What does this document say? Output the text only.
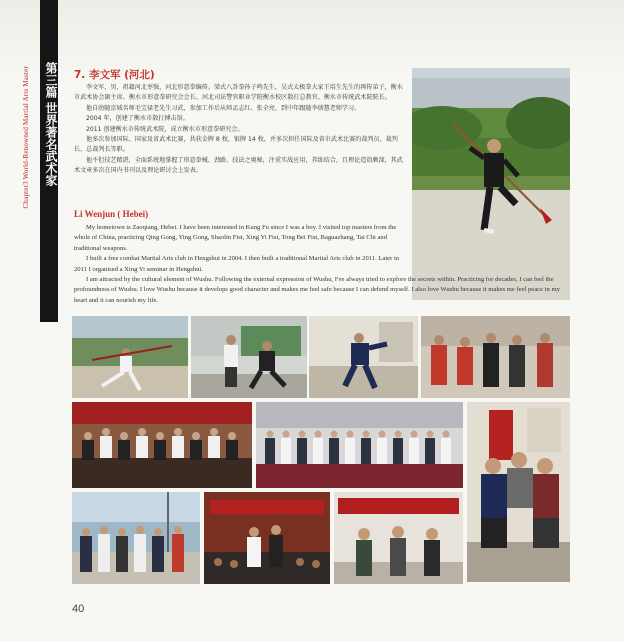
第三篇 世界著名武术家
Chapter3 World-Renowned Martial Arts Master	7. 李文军 (河北)

李文军，男，祖籍河北枣强，河北形意拳编传。梁式八卦拳孙子鸣先生，吴式太极拳大家王培生先生的再传弟子，衡水市武术协会副主席、衡水市形意拳研究会会长、河北司法警官职业学院衡水校区散打总教官、衡水市传统武术院院长。

他自幼随京城名师毛宝禄老先生习武，参加工作后从师孟志红、张全亮，到中年跟随李炳慧老师学习。

2004 年，创建了衡水市散打搏击馆。

2011 创建衡水市传统武术院，成立衡水市形意拳研究会。

他多次参加国际、国家及省武术比赛，共获金牌 8 枚，银牌 14 枚，并多次担任国际及省市武术比赛的裁判员、裁判长、总裁判长等职。

他不但技艺精湛，全面系统地掌握了形意拳械、劲路、技法之奥秘，注重实战应用，养练结合，且理论造诣颇深，其武术文章多次在国内书刊以及理论研讨会上发表。

Li Wenjun ( Hebei)

My hometown is Zaoqiang, Hebei. I have been interested in Kung Fu since I was a boy. I visited top masters from the whole of China, practicing Qing Gong, Ying Gong, Shaolin Fist, Xing Yi Fist, Tong Bei Fist, Baguazhang, Tai Chi and traditional weapons.

I built a free combat Martial Arts club in Hengshui in 2004. I then built a traditional Martial Arts club in 2011. Later in 2011 I organised a Xing Yi seminar in Hengshui.

I am attracted by the cultural element of Wushu. Following the external expression of Wushu, I've always tried to explore the secrets within. Practicing for decades, I can feel the profoundness of Wushu. I love Wushu because it develops good character and makes me feel safe because I can defend myself. I also love Wushu because it makes me feel peace in my heart and it can nourish my life.

40
